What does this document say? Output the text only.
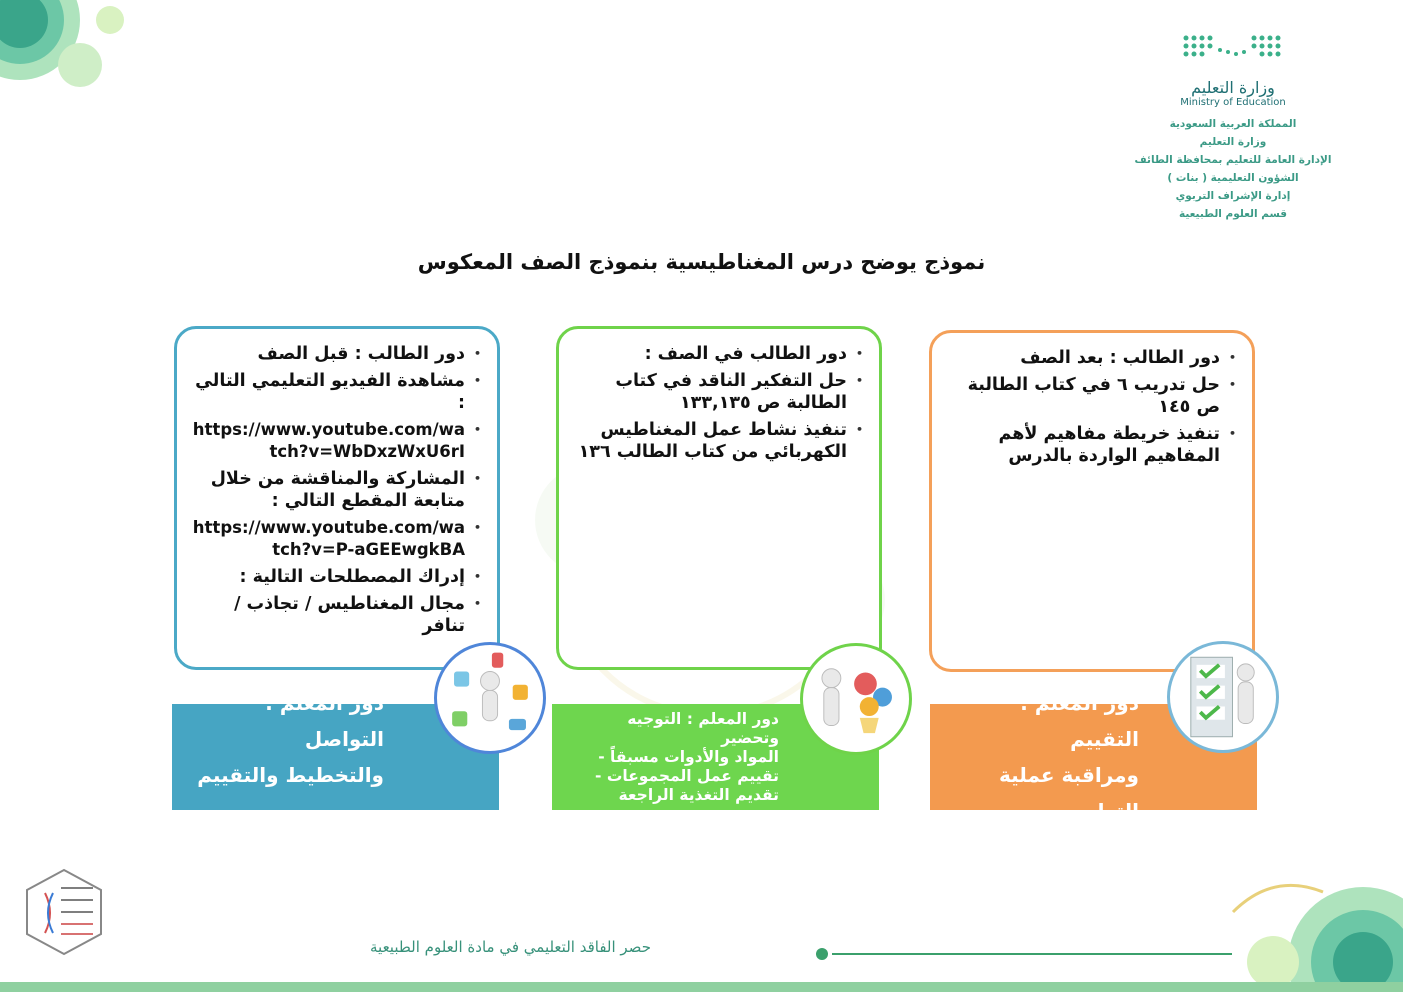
وزارة التعليم
Ministry of Education
المملكة العربية السعودية
وزارة التعليم
الإدارة العامة للتعليم بمحافظة الطائف
الشؤون التعليمية ( بنات )
إدارة الإشراف التربوي
قسم العلوم الطبيعية
نموذج يوضح درس المغناطيسية بنموذج الصف المعكوس
• دور الطالب : قبل الصف
• مشاهدة الفيديو التعليمي التالي :
• https://www.youtube.com/watch?v=WbDxzWxU6rI
• المشاركة والمناقشة من خلال متابعة المقطع التالي :
• https://www.youtube.com/watch?v=P-aGEEwgkBA
• إدراك المصطلحات التالية :
• مجال المغناطيس / تجاذب / تنافر
• دور الطالب في الصف :
• حل التفكير الناقد في كتاب الطالبة ص ١٣٣,١٣٥
• تنفيذ نشاط عمل المغناطيس الكهربائي من كتاب الطالب ١٣٦
• دور الطالب : بعد الصف
• حل تدريب ٦ في كتاب الطالبة ص ١٤٥
• تنفيذ خريطة مفاهيم لأهم المفاهيم الواردة بالدرس
دور المعلم : التواصل
والتخطيط والتقييم .
دور المعلم : التوجيه وتحضير
المواد والأدوات مسبقاً -
تقييم عمل المجموعات -
تقديم التغذية الراجعة
دور المعلم : التقييم
ومراقبة عملية التعلم .
حصر الفاقد التعليمي في مادة العلوم الطبيعية
